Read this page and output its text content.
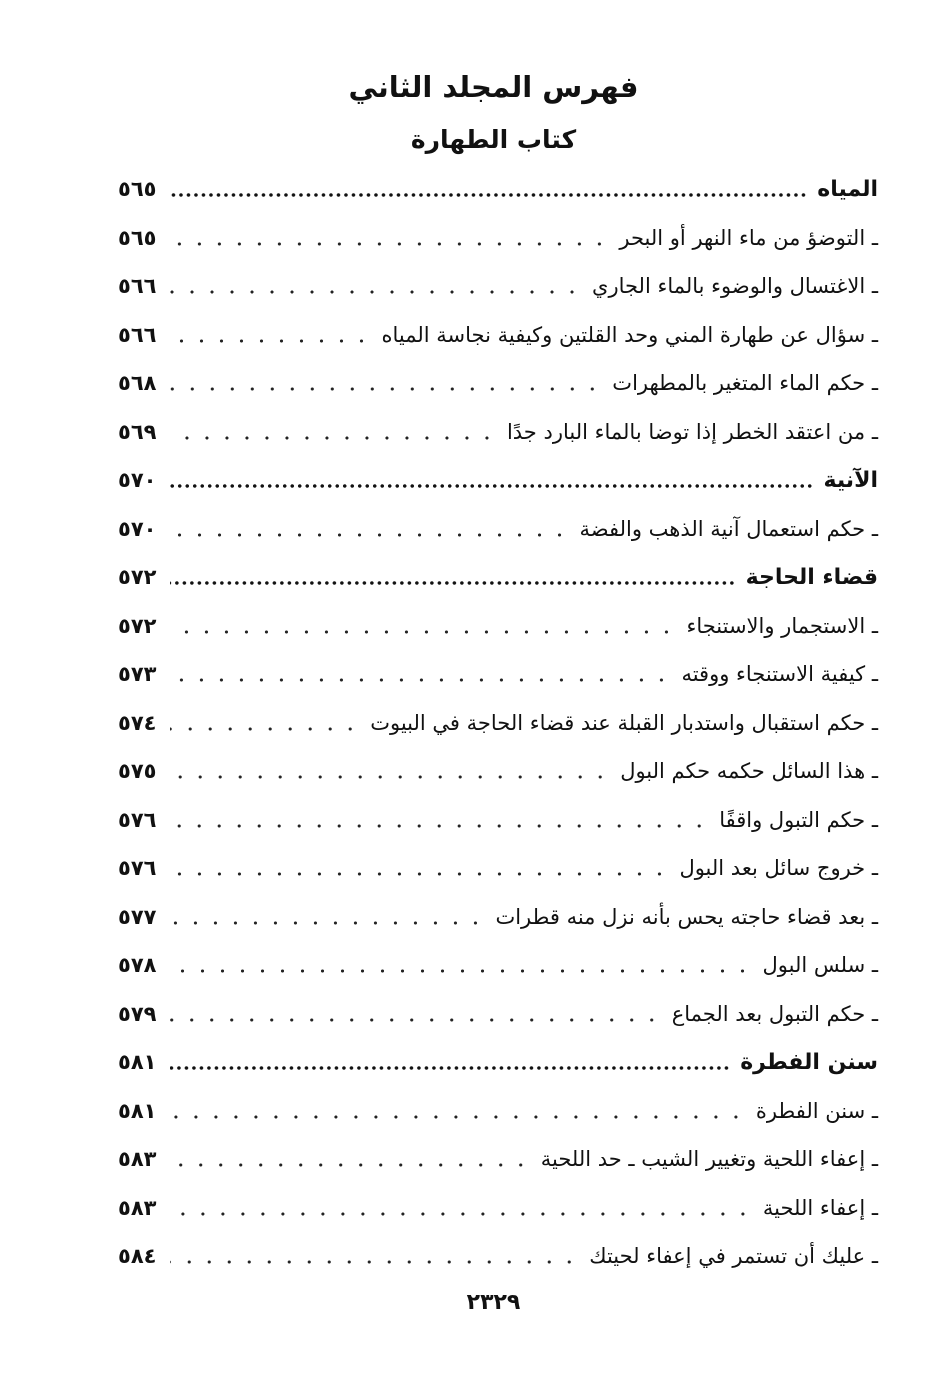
فهرس المجلد الثاني
كتاب الطهارة
المياه
٥٦٥
ـ التوضؤ من ماء النهر أو البحر
٥٦٥
ـ الاغتسال والوضوء بالماء الجاري
٥٦٦
ـ سؤال عن طهارة المني وحد القلتين وكيفية نجاسة المياه
٥٦٦
ـ حكم الماء المتغير بالمطهرات
٥٦٨
ـ من اعتقد الخطر إذا توضا بالماء البارد جدًا
٥٦٩
الآنية
٥٧٠
ـ حكم استعمال آنية الذهب والفضة
٥٧٠
قضاء الحاجة
٥٧٢
ـ الاستجمار والاستنجاء
٥٧٢
ـ كيفية الاستنجاء ووقته
٥٧٣
ـ حكم استقبال واستدبار القبلة عند قضاء الحاجة في البيوت
٥٧٤
ـ هذا السائل حكمه حكم البول
٥٧٥
ـ حكم التبول واقفًا
٥٧٦
ـ خروج سائل بعد البول
٥٧٦
ـ بعد قضاء حاجته يحس بأنه نزل منه قطرات
٥٧٧
ـ سلس البول
٥٧٨
ـ حكم التبول بعد الجماع
٥٧٩
سنن الفطرة
٥٨١
ـ سنن الفطرة
٥٨١
ـ إعفاء اللحية وتغيير الشيب ـ حد اللحية
٥٨٣
ـ إعفاء اللحية
٥٨٣
ـ عليك أن تستمر في إعفاء لحيتك
٥٨٤
٢٣٢٩
